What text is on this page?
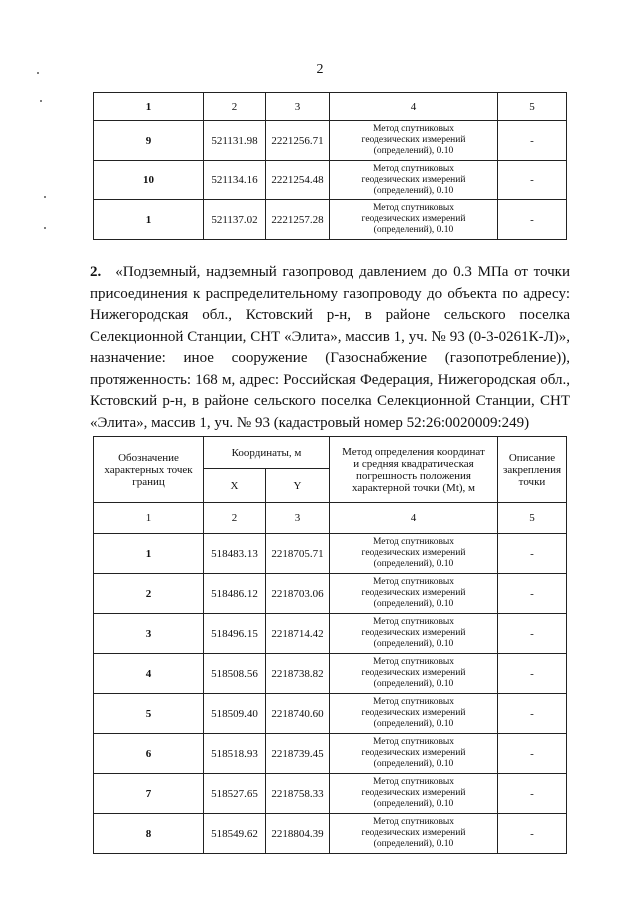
2
1	2	3	4	5
9	521131.98	2221256.71	Метод спутниковых
геодезических измерений
(определений), 0.10	-
10	521134.16	2221254.48	Метод спутниковых
геодезических измерений
(определений), 0.10	-
1	521137.02	2221257.28	Метод спутниковых
геодезических измерений
(определений), 0.10	-
2. «Подземный, надземный газопровод давлением до 0.3 МПа от точки присоединения к распределительному газопроводу до объекта по адресу: Нижегородская обл., Кстовский р-н, в районе сельского поселка Селекционной Станции, СНТ «Элита», массив 1, уч. № 93 (0-3-0261К-Л)», назначение: иное сооружение (Газоснабжение (газопотребление)), протяженность: 168 м, адрес: Российская Федерация, Нижегородская обл., Кстовский р-н, в районе сельского поселка Селекционной Станции, СНТ «Элита», массив 1, уч. № 93 (кадастровый номер 52:26:0020009:249)
Обозначение
характерных точек
границ	Координаты, м		Метод определения координат
и средняя квадратическая
погрешность положения
характерной точки (Mt), м	Описание
закрепления
точки
	X	Y		
1	2	3	4	5
1	518483.13	2218705.71	Метод спутниковых
геодезических измерений
(определений), 0.10	-
2	518486.12	2218703.06	Метод спутниковых
геодезических измерений
(определений), 0.10	-
3	518496.15	2218714.42	Метод спутниковых
геодезических измерений
(определений), 0.10	-
4	518508.56	2218738.82	Метод спутниковых
геодезических измерений
(определений), 0.10	-
5	518509.40	2218740.60	Метод спутниковых
геодезических измерений
(определений), 0.10	-
6	518518.93	2218739.45	Метод спутниковых
геодезических измерений
(определений), 0.10	-
7	518527.65	2218758.33	Метод спутниковых
геодезических измерений
(определений), 0.10	-
8	518549.62	2218804.39	Метод спутниковых
геодезических измерений
(определений), 0.10	-
